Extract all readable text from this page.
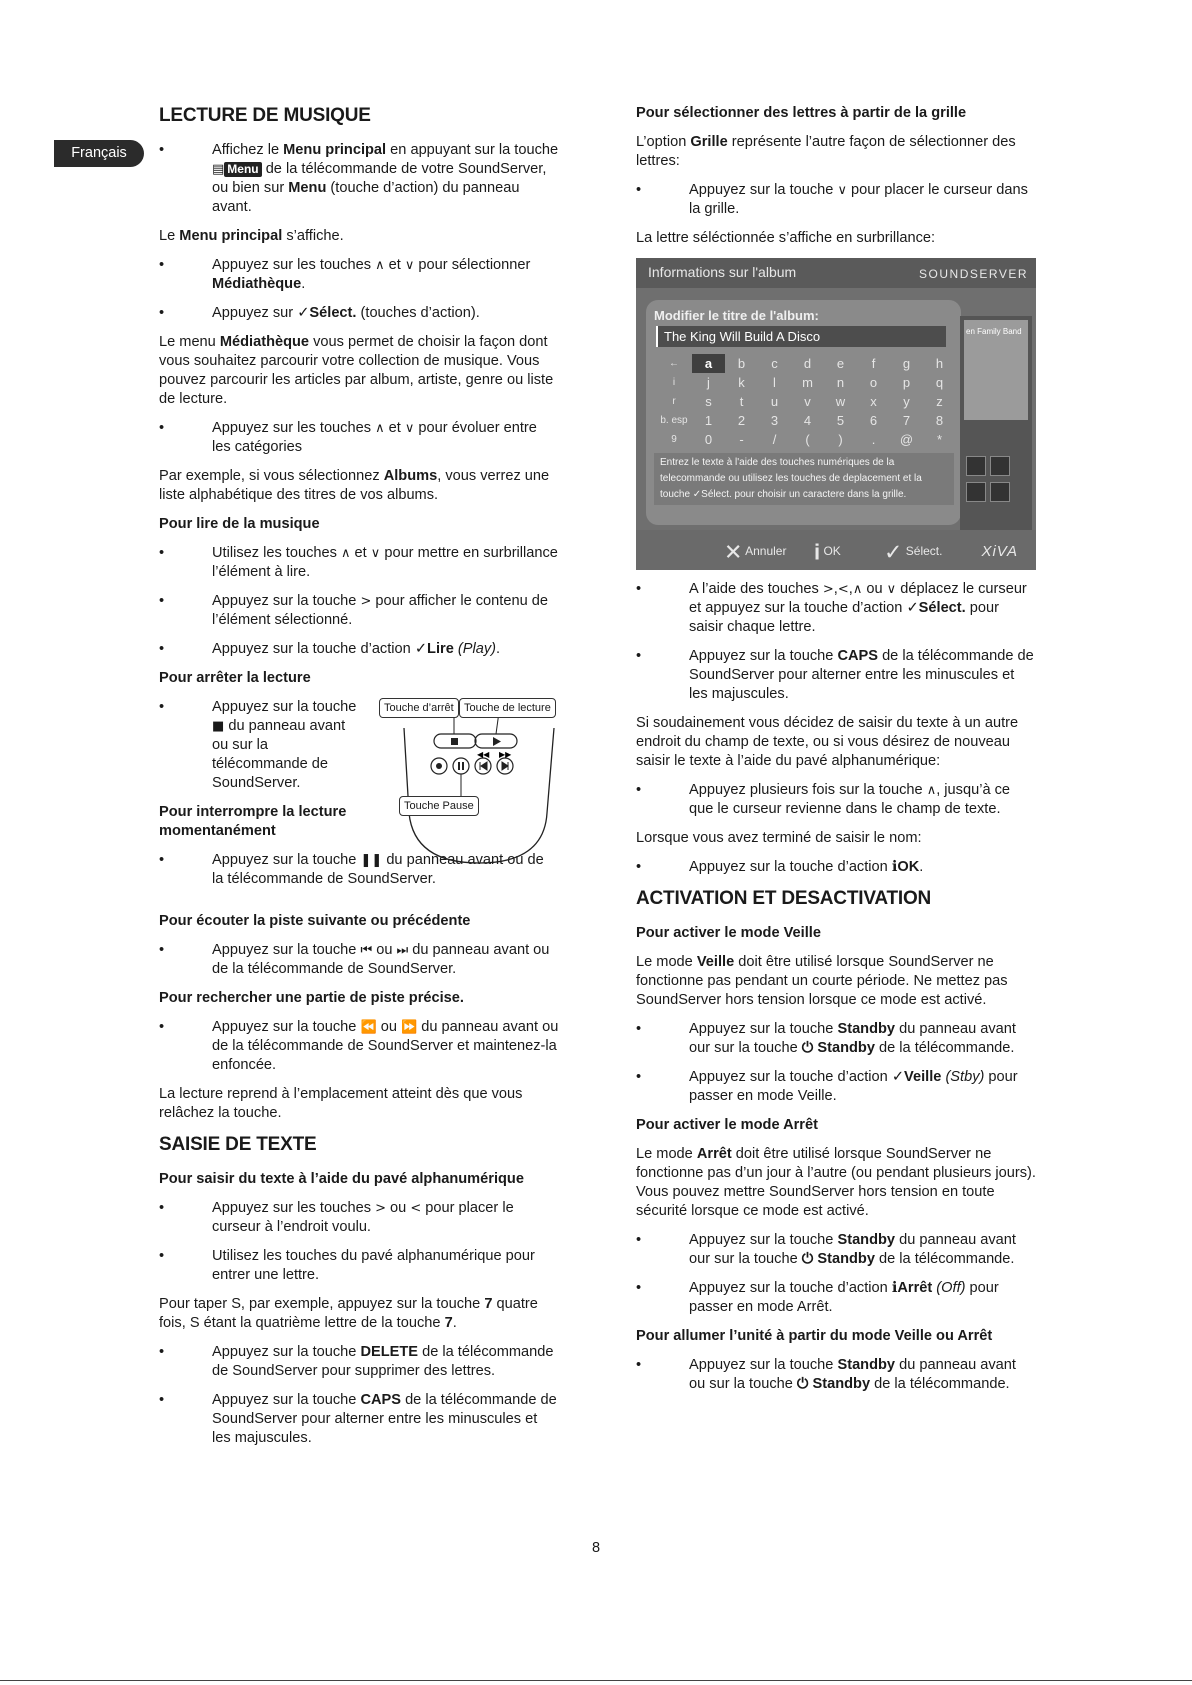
Français
LECTURE DE MUSIQUE
• Affichez le Menu principal en appuyant sur la touche ▤ Menu de la télécommande de votre SoundServer, ou bien sur Menu (touche d’action) du panneau avant.

Le Menu principal s’affiche.

• Appuyez sur les touches ∧ et ∨ pour sélectionner Médiathèque.
• Appuyez sur ✓Sélect. (touches d’action).

Le menu Médiathèque vous permet de choisir la façon dont vous souhaitez parcourir votre collection de musique. Vous pouvez parcourir les articles par album, artiste, genre ou liste de lecture.

• Appuyez sur les touches ∧ et ∨ pour évoluer entre les catégories

Par exemple, si vous sélectionnez Albums, vous verrez une liste alphabétique des titres de vos albums.

Pour lire de la musique
• Utilisez les touches ∧ et ∨ pour mettre en surbrillance l’élément à lire.
• Appuyez sur la touche > pour afficher le contenu de l’élément sélectionné.
• Appuyez sur la touche d’action ✓Lire (Play).
Pour arrêter la lecture
• Appuyez sur la touche ■ du panneau avant ou sur la télécommande de SoundServer.
Pour interrompre la lecture momentanément
• Appuyez sur la touche ❚❚ du panneau avant ou de la télécommande de SoundServer.
◀◀ ▶▶
Touche d’arrêt Touche de lecture
Touche Pause
Pour écouter la piste suivante ou précédente
• Appuyez sur la touche ⏮ ou ⏭ du panneau avant ou de la télécommande de SoundServer.
Pour rechercher une partie de piste précise.
• Appuyez sur la touche ⏪ ou ⏩ du panneau avant ou de la télécommande de SoundServer et maintenez-la enfoncée.

La lecture reprend à l’emplacement atteint dès que vous relâchez la touche.

SAISIE DE TEXTE
Pour saisir du texte à l’aide du pavé alphanumérique
• Appuyez sur les touches > ou < pour placer le curseur à l’endroit voulu.
• Utilisez les touches du pavé alphanumérique pour entrer une lettre.

Pour taper S, par exemple, appuyez sur la touche 7 quatre fois, S étant la quatrième lettre de la touche 7.

• Appuyez sur la touche DELETE de la télécommande de SoundServer pour supprimer des lettres.
• Appuyez sur la touche CAPS de la télécommande de SoundServer pour alterner entre les minuscules et les majuscules.
Pour sélectionner des lettres à partir de la grille

L’option Grille représente l’autre façon de sélectionner des lettres:

• Appuyez sur la touche ∨ pour placer le curseur dans la grille.

La lettre séléctionnée s’affiche en surbrillance:

Informations sur l'album	SOUNDSERVER
Modifier le titre de l'album:
The King Will Build A Disco
←	a	b	c	d	e	f	g	h
i	j	k	l	m	n	o	p	q
r	s	t	u	v	w	x	y	z
b. esp	1	2	3	4	5	6	7	8
9	0	-	/	(	)	.	@	*
Entrez le texte à l'aide des touches numériques de la telecommande ou utilisez les touches de deplacement et la touche ✓Sélect. pour choisir un caractere dans la grille.
en Family Band
✕ Annuler i OK ✓ Sélect.	XiVA
• A l’aide des touches >,<,∧ ou ∨ déplacez le curseur et appuyez sur la touche d’action ✓Sélect. pour saisir chaque lettre.
• Appuyez sur la touche CAPS de la télécommande de SoundServer pour alterner entre les minuscules et les majuscules.

Si soudainement vous décidez de saisir du texte à un autre endroit du champ de texte, ou si vous désirez de nouveau saisir le texte à l’aide du pavé alphanumérique:

• Appuyez plusieurs fois sur la touche ∧, jusqu’à ce que le curseur revienne dans le champ de texte.

Lorsque vous avez terminé de saisir le nom:

• Appuyez sur la touche d’action ℹOK.
ACTIVATION ET DESACTIVATION
Pour activer le mode Veille

Le mode Veille doit être utilisé lorsque SoundServer ne fonctionne pas pendant un courte période. Ne mettez pas SoundServer hors tension lorsque ce mode est activé.

• Appuyez sur la touche Standby du panneau avant our sur la touche ⏻ Standby de la télécommande.
• Appuyez sur la touche d’action ✓Veille (Stby) pour passer en mode Veille.
Pour activer le mode Arrêt

Le mode Arrêt doit être utilisé lorsque SoundServer ne fonctionne pas d’un jour à l’autre (ou pendant plusieurs jours). Vous pouvez mettre SoundServer hors tension en toute sécurité lorsque ce mode est activé.

• Appuyez sur la touche Standby du panneau avant our sur la touche ⏻ Standby de la télécommande.
• Appuyez sur la touche d’action ℹArrêt (Off) pour passer en mode Arrêt.
Pour allumer l’unité à partir du mode Veille ou Arrêt
• Appuyez sur la touche Standby du panneau avant ou sur la touche ⏻ Standby de la télécommande.
8
